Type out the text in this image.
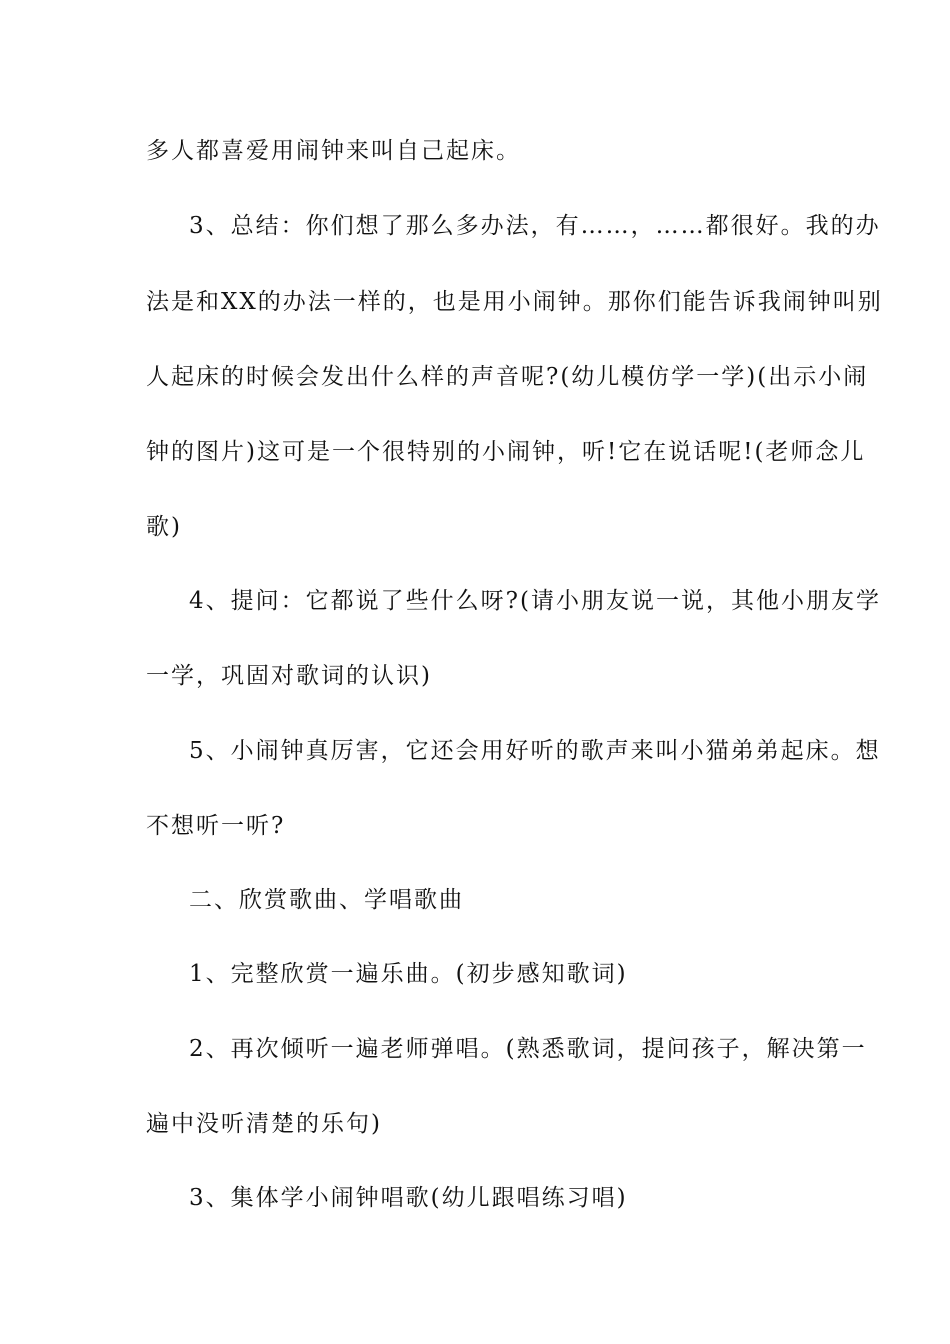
多人都喜爱用闹钟来叫自己起床。
3、总结：你们想了那么多办法，有……，……都很好。我的办
法是和XX的办法一样的，也是用小闹钟。那你们能告诉我闹钟叫别
人起床的时候会发出什么样的声音呢?(幼儿模仿学一学)(出示小闹
钟的图片)这可是一个很特别的小闹钟，听!它在说话呢!(老师念儿
歌)
4、提问：它都说了些什么呀?(请小朋友说一说，其他小朋友学
一学，巩固对歌词的认识)
5、小闹钟真厉害，它还会用好听的歌声来叫小猫弟弟起床。想
不想听一听?
二、欣赏歌曲、学唱歌曲
1、完整欣赏一遍乐曲。(初步感知歌词)
2、再次倾听一遍老师弹唱。(熟悉歌词，提问孩子，解决第一
遍中没听清楚的乐句)
3、集体学小闹钟唱歌(幼儿跟唱练习唱)
